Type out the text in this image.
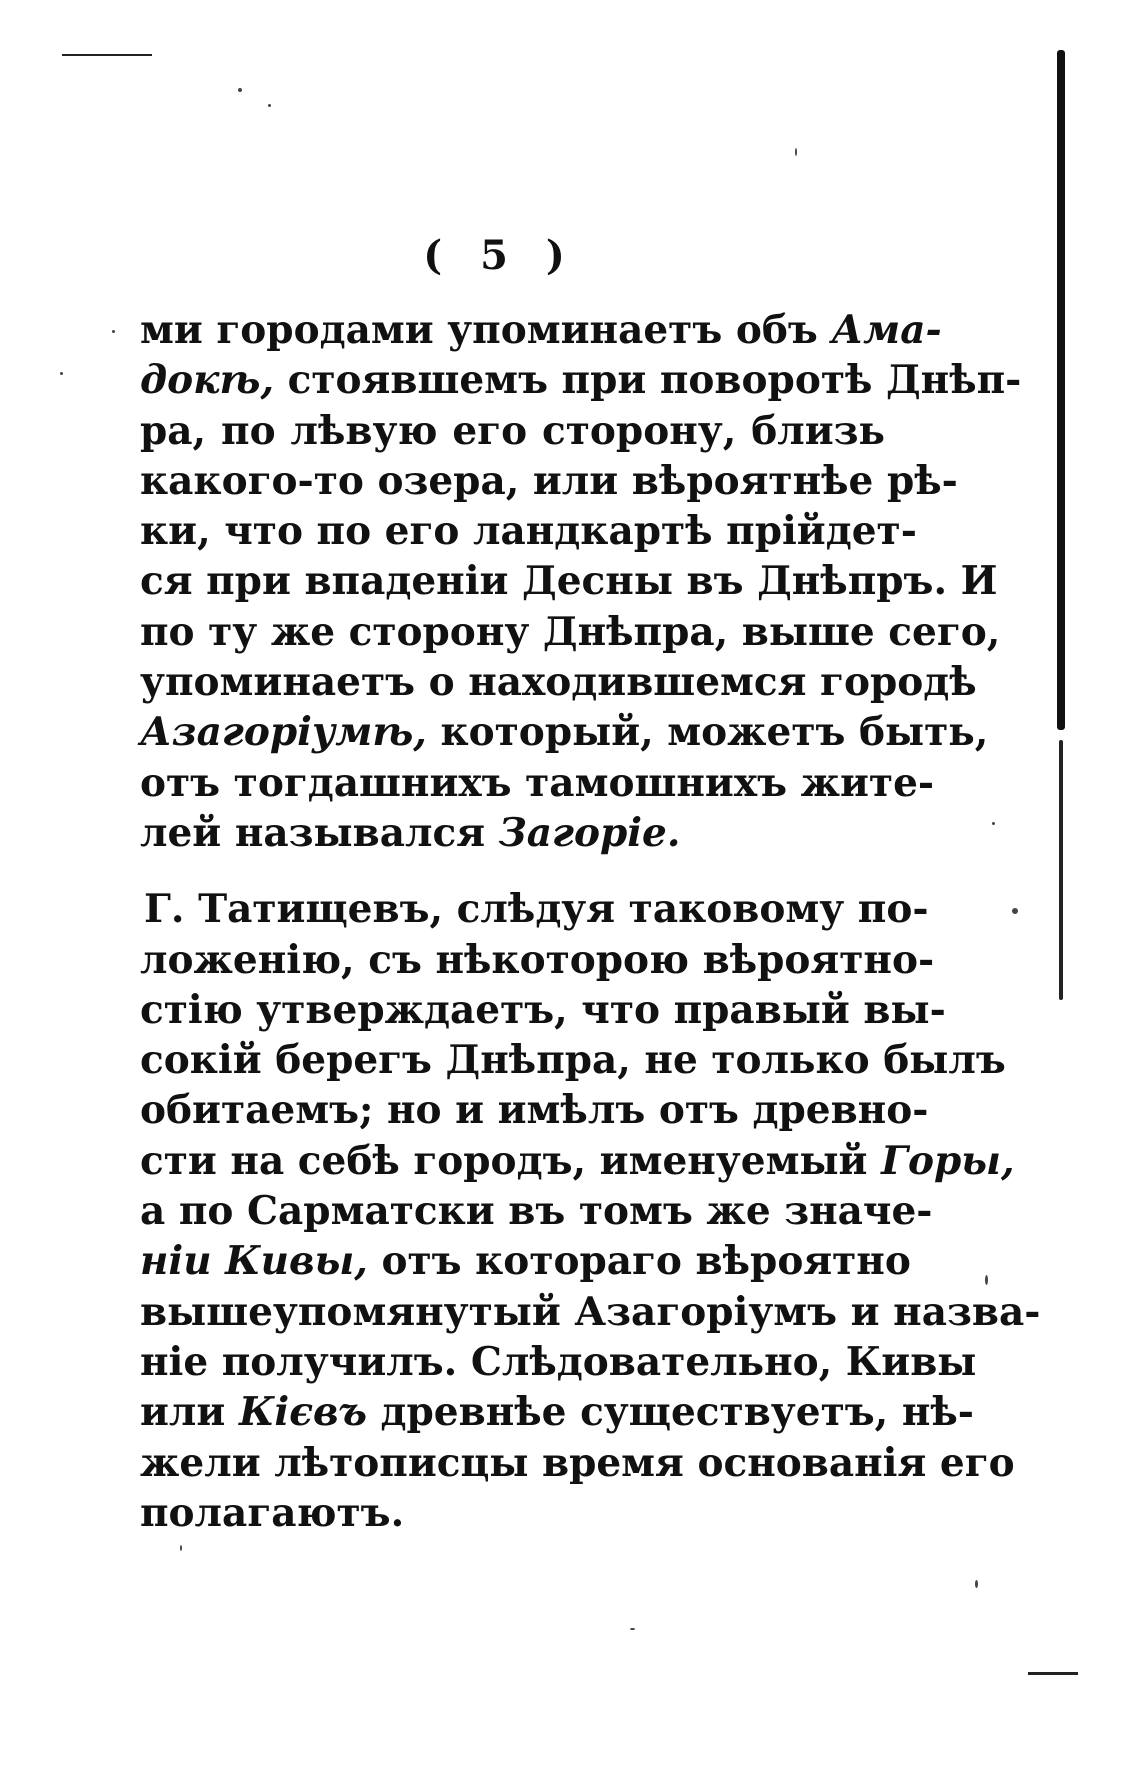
( 5 )
ми городами упоминаетъ объ Ама-
докѣ, стоявшемъ при поворотѣ Днѣп-
ра, по лѣвую его сторону, близь
какого-то озера, или вѣроятнѣе рѣ-
ки, что по его ландкартѣ прійдет-
ся при впаденіи Десны въ Днѣпръ. И
по ту же сторону Днѣпра, выше сего,
упоминаетъ о находившемся городѣ
Азагоріумѣ, который, можетъ быть,
отъ тогдашнихъ тамошнихъ жите-
лей назывался Загоріе.
Г. Татищевъ, слѣдуя таковому по-
ложенію, съ нѣкоторою вѣроятно-
стію утверждаетъ, что правый вы-
сокій берегъ Днѣпра, не только былъ
обитаемъ; но и имѣлъ отъ древно-
сти на себѣ городъ, именуемый Горы,
а по Сарматски въ томъ же значе-
ніи Кивы, отъ котораго вѣроятно
вышеупомянутый Азагоріумъ и назва-
ніе получилъ. Слѣдовательно, Кивы
или Кієвъ древнѣе существуетъ, нѣ-
жели лѣтописцы время основанія его
полагаютъ.
